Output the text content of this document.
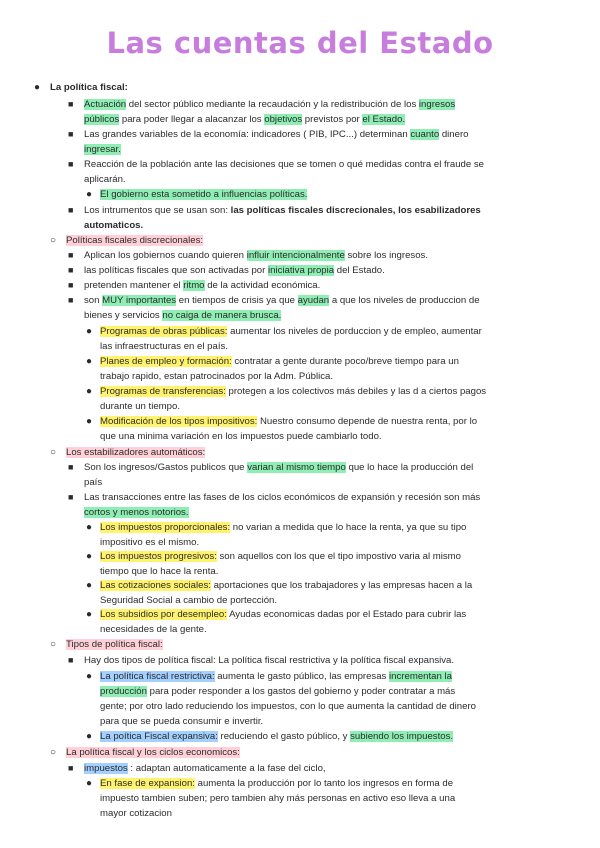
Las cuentas del Estado
● La política fiscal:
■ Actuación del sector público mediante la recaudación y la redistribución de los ingresos
públicos para poder llegar a alacanzar los objetivos previstos por el Estado.
■ Las grandes variables de la economía: indicadores ( PIB, IPC...) determinan cuanto dinero
ingresar.
■ Reacción de la población ante las decisiones que se tomen o qué medidas contra el fraude se
aplicarán.
● El gobierno esta sometido a influencias políticas.
■ Los intrumentos que se usan son: las políticas fiscales discrecionales, los esabilizadores
automaticos.
○ Políticas fiscales discrecionales:
■ Aplican los gobiernos cuando quieren influir intencionalmente sobre los ingresos.
■ las políticas fiscales que son activadas por iniciativa propia del Estado.
■ pretenden mantener el ritmo de la actividad económica.
■ son MUY importantes en tiempos de crisis ya que ayudan a que los niveles de produccion de
bienes y servicios no caiga de manera brusca.
● Programas de obras públicas: aumentar los niveles de porduccion y de empleo, aumentar
las infraestructuras en el país.
● Planes de empleo y formación: contratar a gente durante poco/breve tiempo para un
trabajo rapido, estan patrocinados por la Adm. Pública.
● Programas de transferencias: protegen a los colectivos más debiles y las d a ciertos pagos
durante un tiempo.
● Modificación de los tipos impositivos: Nuestro consumo depende de nuestra renta, por lo
que una minima variación en los impuestos puede cambiarlo todo.
○ Los estabilizadores automáticos:
■ Son los ingresos/Gastos publicos que varian al mismo tiempo que lo hace la producción del
país
■ Las transacciones entre las fases de los ciclos económicos de expansión y recesión son más
cortos y menos notorios.
● Los impuestos proporcionales: no varian a medida que lo hace la renta, ya que su tipo
impositivo es el mismo.
● Los impuestos progresivos: son aquellos con los que el tipo impostivo varia al mismo
tiempo que lo hace la renta.
● Las cotizaciones sociales: aportaciones que los trabajadores y las empresas hacen a la
Seguridad Social a cambio de portección.
● Los subsidios por desempleo: Ayudas economicas dadas por el Estado para cubrir las
necesidades de la gente.
○ Tipos de política fiscal:
■ Hay dos tipos de política fiscal: La política fiscal restrictiva y la política fiscal expansiva.
● La política fiscal restrictiva: aumenta le gasto público, las empresas incrementan la
producción para poder responder a los gastos del gobierno y poder contratar a más
gente; por otro lado reduciendo los impuestos, con lo que aumenta la cantidad de dinero
para que se pueda consumir e invertir.
● La poítica Fiscal expansiva: reduciendo el gasto público, y subiendo los impuestos.
○ La política fiscal y los ciclos economicos:
■ impuestos : adaptan automaticamente a la fase del ciclo,
● En fase de expansion: aumenta la producción por lo tanto los ingresos en forma de
impuesto tambien suben; pero tambien ahy más personas en activo eso lleva a una
mayor cotizacion
